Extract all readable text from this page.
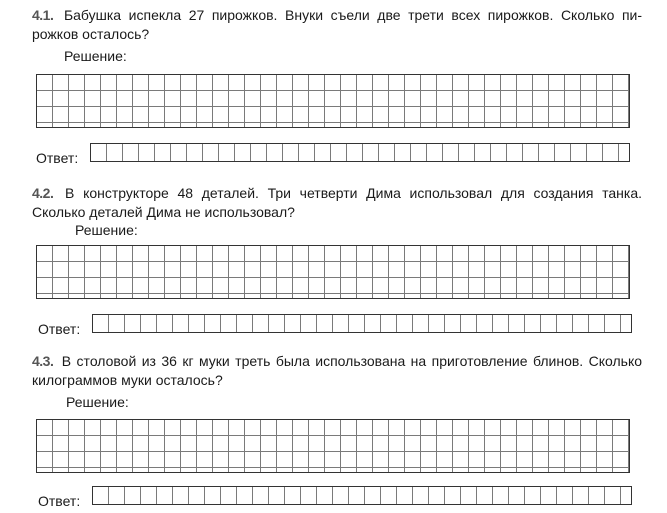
4.1. Бабушка испекла 27 пирожков. Внуки съели две трети всех пирожков. Сколько пи-рожков осталось?
Решение:
Ответ:
4.2. В конструкторе 48 деталей. Три четверти Дима использовал для создания танка. Сколько деталей Дима не использовал?
Решение:
Ответ:
4.3. В столовой из 36 кг муки треть была использована на приготовление блинов. Сколько килограммов муки осталось?
Решение:
Ответ:
